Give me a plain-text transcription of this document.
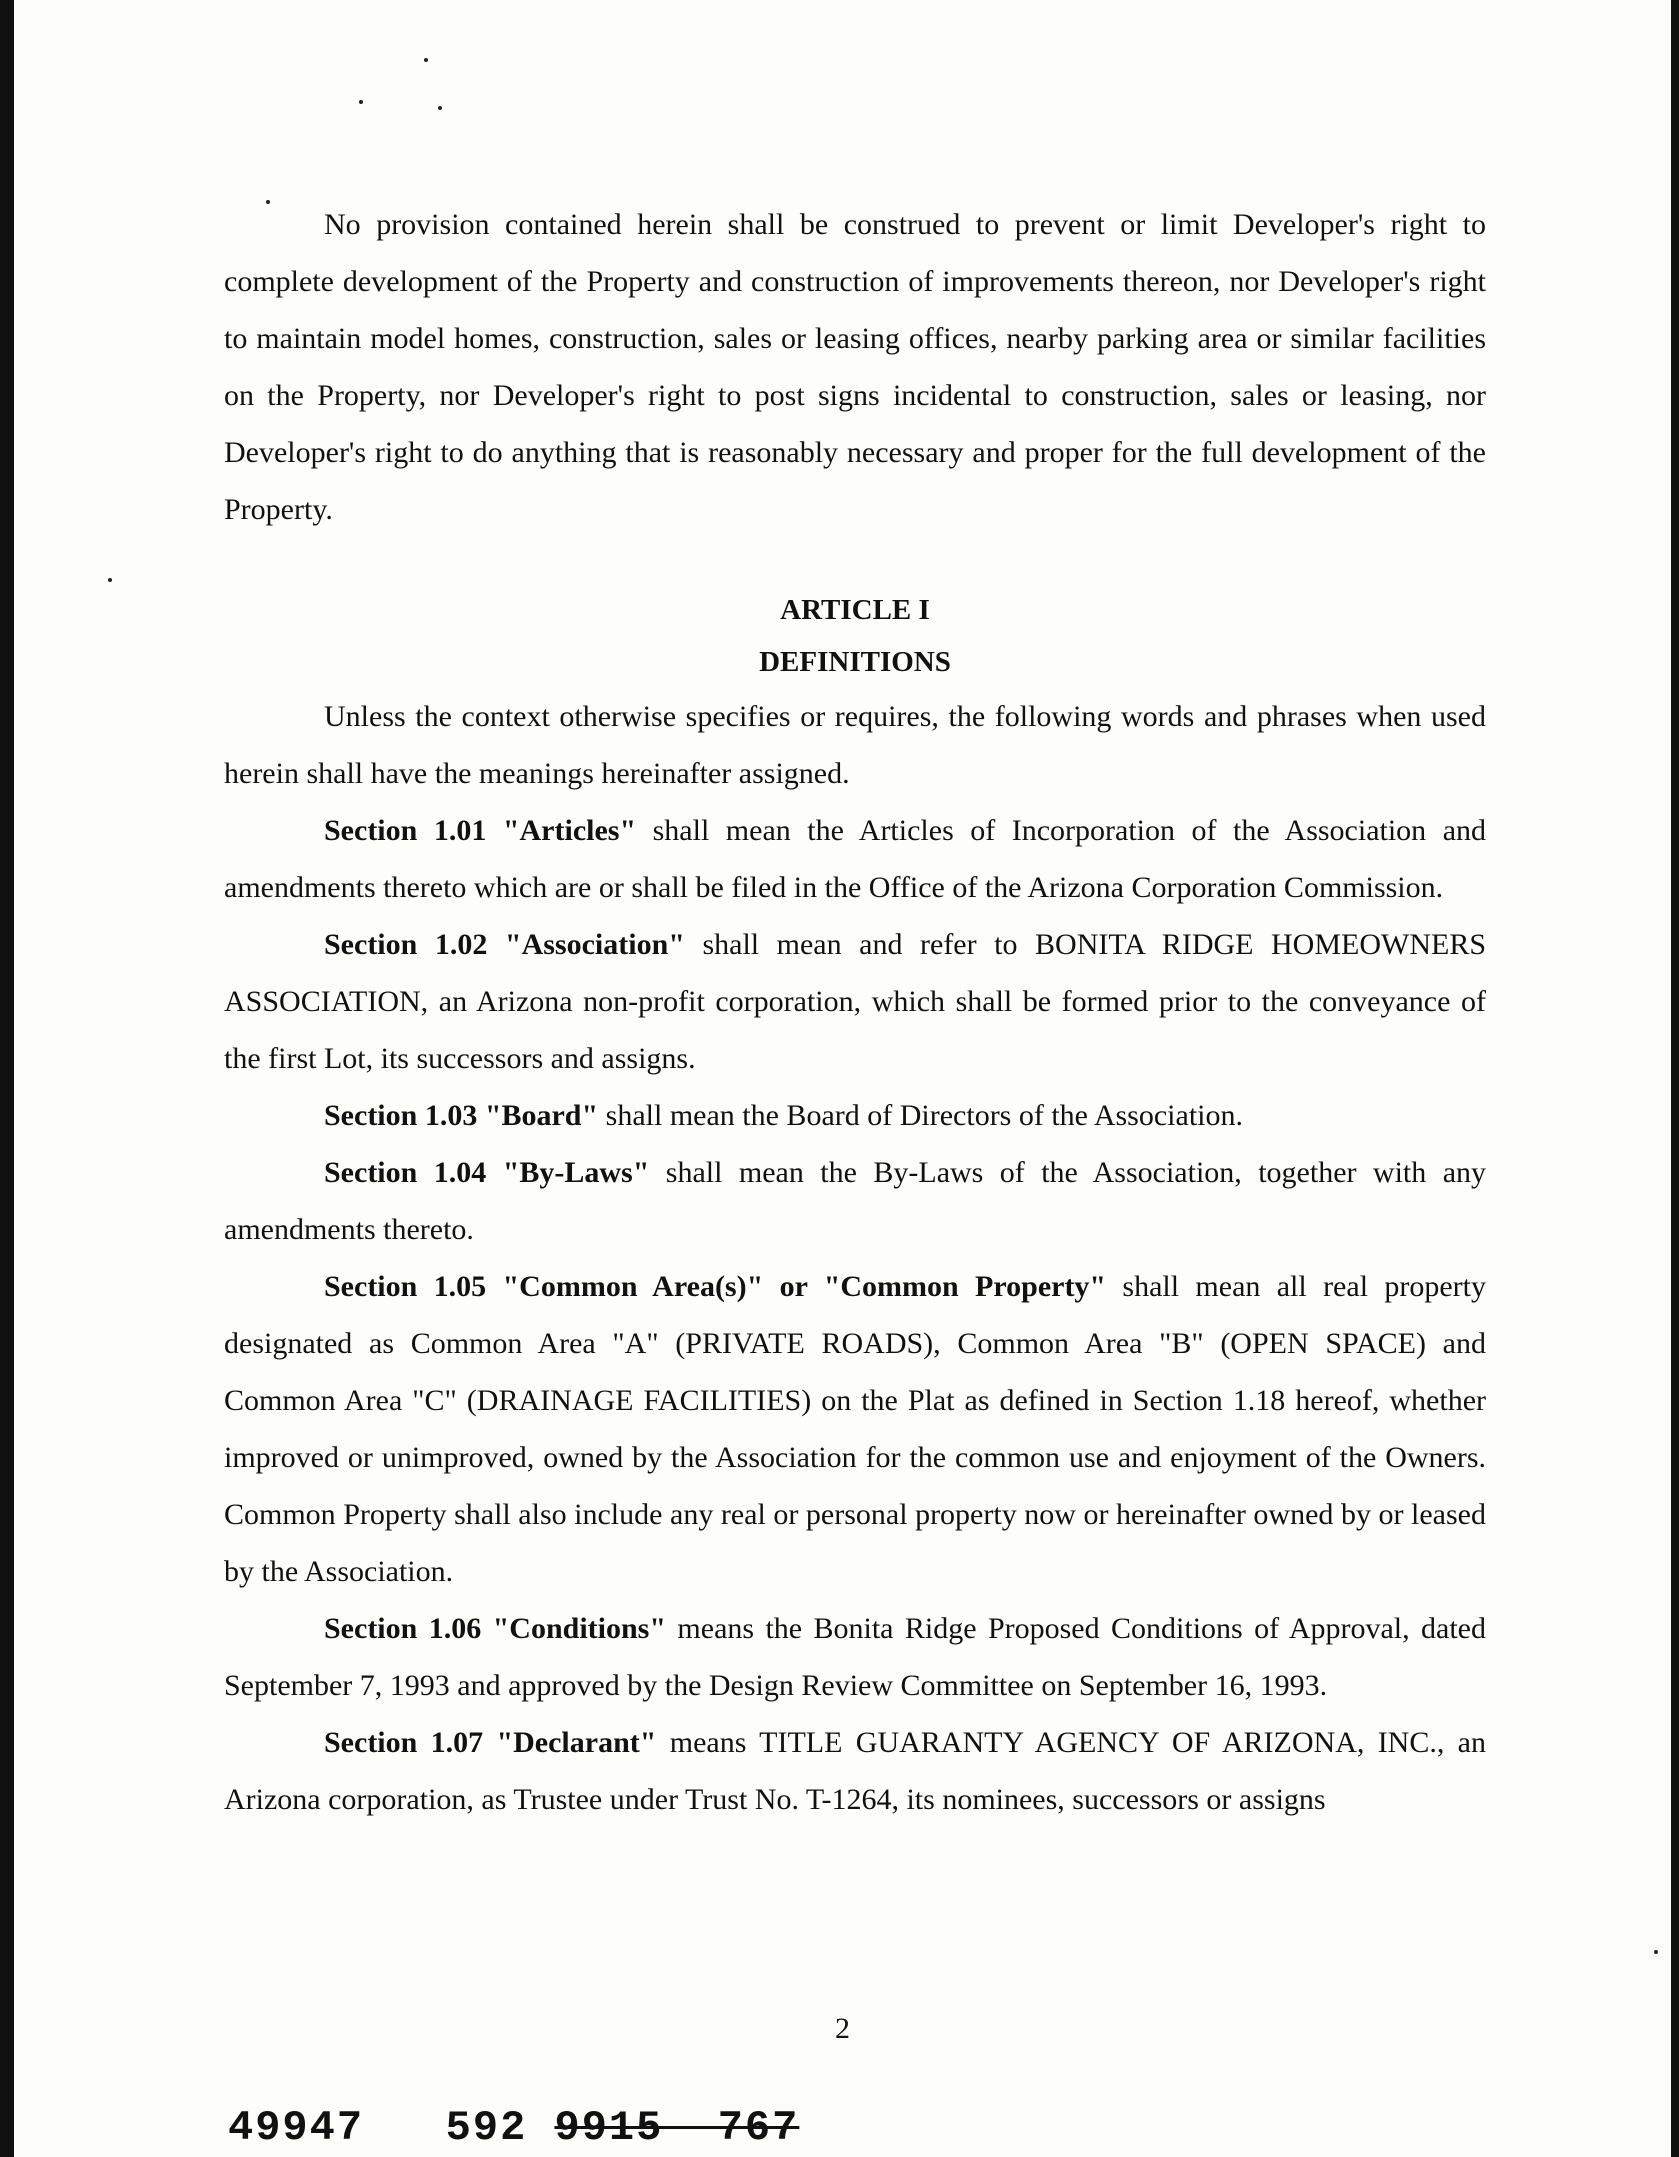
No provision contained herein shall be construed to prevent or limit Developer's right to complete development of the Property and construction of improvements thereon, nor Developer's right to maintain model homes, construction, sales or leasing offices, nearby parking area or similar facilities on the Property, nor Developer's right to post signs incidental to construction, sales or leasing, nor Developer's right to do anything that is reasonably necessary and proper for the full development of the Property.

ARTICLE I

DEFINITIONS

Unless the context otherwise specifies or requires, the following words and phrases when used herein shall have the meanings hereinafter assigned.

Section 1.01 "Articles" shall mean the Articles of Incorporation of the Association and amendments thereto which are or shall be filed in the Office of the Arizona Corporation Commission.

Section 1.02 "Association" shall mean and refer to BONITA RIDGE HOMEOWNERS ASSOCIATION, an Arizona non-profit corporation, which shall be formed prior to the conveyance of the first Lot, its successors and assigns.

Section 1.03 "Board" shall mean the Board of Directors of the Association.

Section 1.04 "By-Laws" shall mean the By-Laws of the Association, together with any amendments thereto.

Section 1.05 "Common Area(s)" or "Common Property" shall mean all real property designated as Common Area "A" (PRIVATE ROADS), Common Area "B" (OPEN SPACE) and Common Area "C" (DRAINAGE FACILITIES) on the Plat as defined in Section 1.18 hereof, whether improved or unimproved, owned by the Association for the common use and enjoyment of the Owners. Common Property shall also include any real or personal property now or hereinafter owned by or leased by the Association.

Section 1.06 "Conditions" means the Bonita Ridge Proposed Conditions of Approval, dated September 7, 1993 and approved by the Design Review Committee on September 16, 1993.

Section 1.07 "Declarant" means TITLE GUARANTY AGENCY OF ARIZONA, INC., an Arizona corporation, as Trustee under Trust No. T-1264, its nominees, successors or assigns

2
49947 592 9915  767
